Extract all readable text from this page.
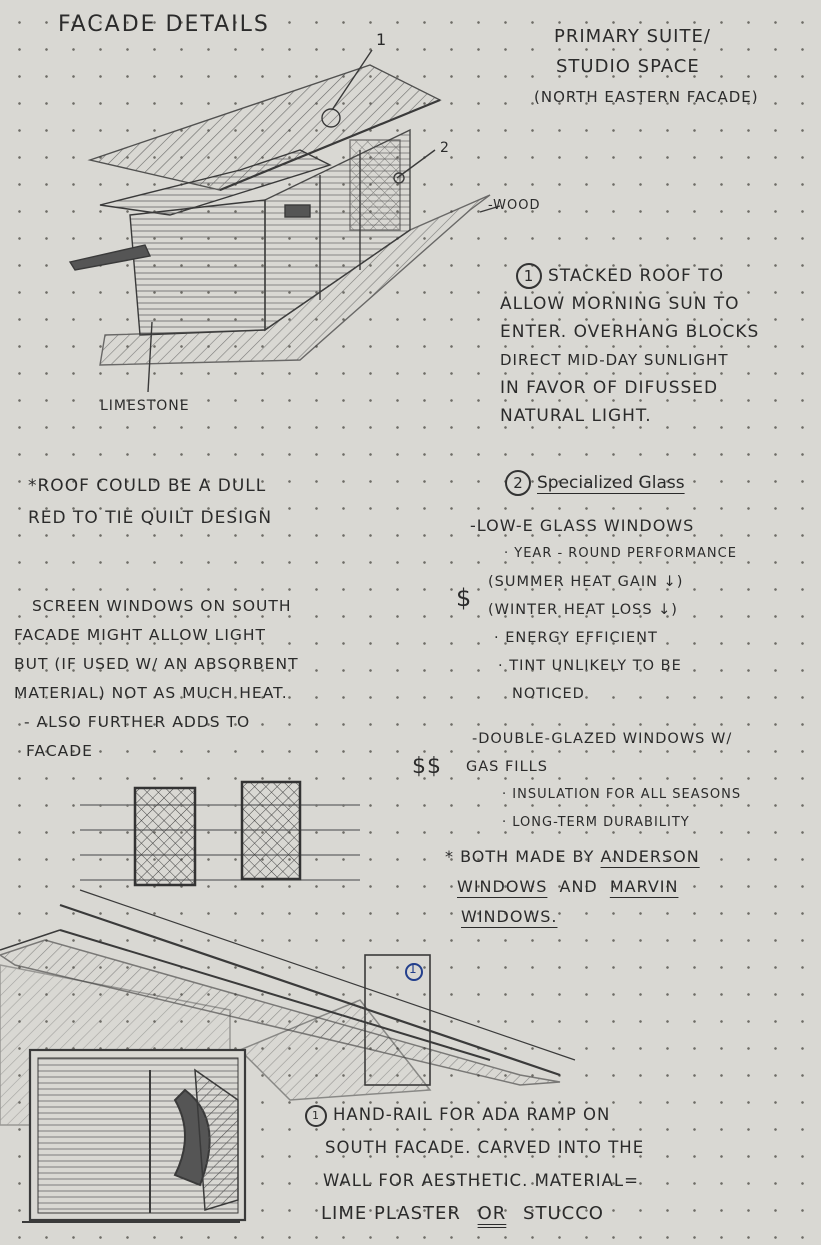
FACADE DETAILS	PRIMARY SUITE/
STUDIO SPACE
(NORTH EASTERN FACADE)
1
2
-WOOD
LIMESTONE
1
1 STACKED ROOF TO
ALLOW MORNING SUN TO
ENTER. OVERHANG BLOCKS
DIRECT MID-DAY SUNLIGHT
IN FAVOR OF DIFUSSED
NATURAL LIGHT.
*ROOF COULD BE A DULL
RED TO TIE QUILT DESIGN
SCREEN WINDOWS ON SOUTH
FACADE MIGHT ALLOW LIGHT
BUT (IF USED W/ AN ABSORBENT
MATERIAL) NOT AS MUCH HEAT.
- ALSO FURTHER ADDS TO
FACADE
2 Specialized Glass
-LOW-E GLASS WINDOWS
· YEAR - ROUND PERFORMANCE
(SUMMER HEAT GAIN ↓)
(WINTER HEAT LOSS ↓)
· ENERGY EFFICIENT
· TINT UNLIKELY TO BE
NOTICED
$
-DOUBLE-GLAZED WINDOWS W/
GAS FILLS
· INSULATION FOR ALL SEASONS
· LONG-TERM DURABILITY
$$
* BOTH MADE BY ANDERSON
WINDOWS AND MARVIN
WINDOWS.
1 HAND-RAIL FOR ADA RAMP ON
SOUTH FACADE. CARVED INTO THE
WALL FOR AESTHETIC. MATERIAL=
LIME PLASTER OR STUCCO
